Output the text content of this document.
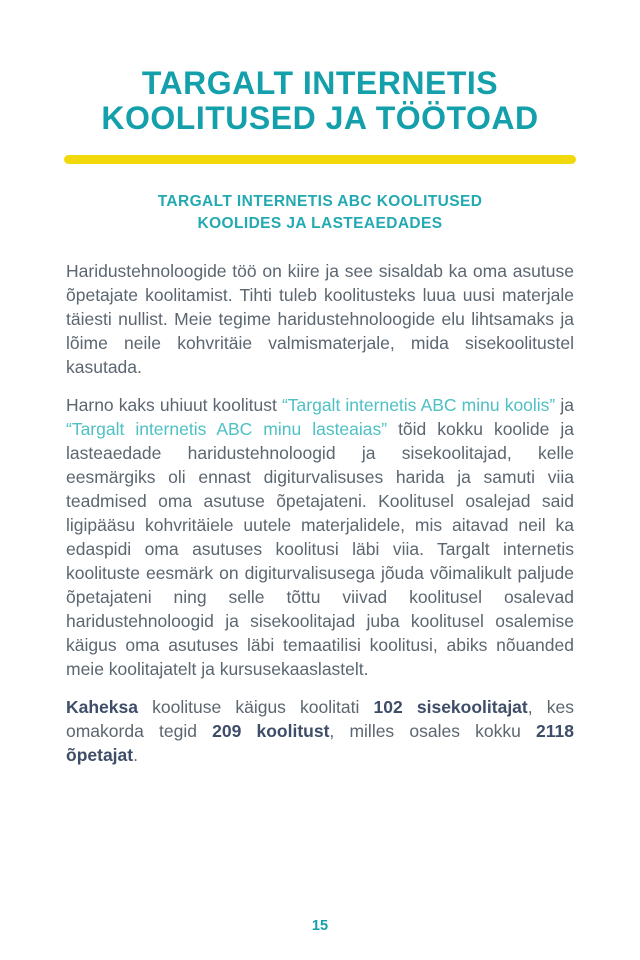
TARGALT INTERNETIS
KOOLITUSED JA TÖÖTOAD
TARGALT INTERNETIS ABC KOOLITUSED
KOOLIDES JA LASTEAEDADES

Haridustehnoloogide töö on kiire ja see sisaldab ka oma asutuse õpetajate koolitamist. Tihti tuleb koolitusteks luua uusi materjale täiesti nullist. Meie tegime haridustehnoloogide elu lihtsamaks ja lõime neile kohvritäie valmismaterjale, mida sisekoolitustel kasutada.

Harno kaks uhiuut koolitust “Targalt internetis ABC minu koolis” ja “Targalt internetis ABC minu lasteaias” tõid kokku koolide ja lasteaedade haridustehnoloogid ja sisekoolitajad, kelle eesmärgiks oli ennast digiturvalisuses harida ja samuti viia teadmised oma asutuse õpetajateni. Koolitusel osalejad said ligipääsu kohvritäiele uutele materjalidele, mis aitavad neil ka edaspidi oma asutuses koolitusi läbi viia. Targalt internetis koolituste eesmärk on digiturvalisusega jõuda võimalikult paljude õpetajateni ning selle tõttu viivad koolitusel osalevad haridustehnoloogid ja sisekoolitajad juba koolitusel osalemise käigus oma asutuses läbi temaatilisi koolitusi, abiks nõuanded meie koolitajatelt ja kursusekaaslastelt.

Kaheksa koolituse käigus koolitati 102 sisekoolitajat, kes omakorda tegid 209 koolitust, milles osales kokku 2118 õpetajat.

15
